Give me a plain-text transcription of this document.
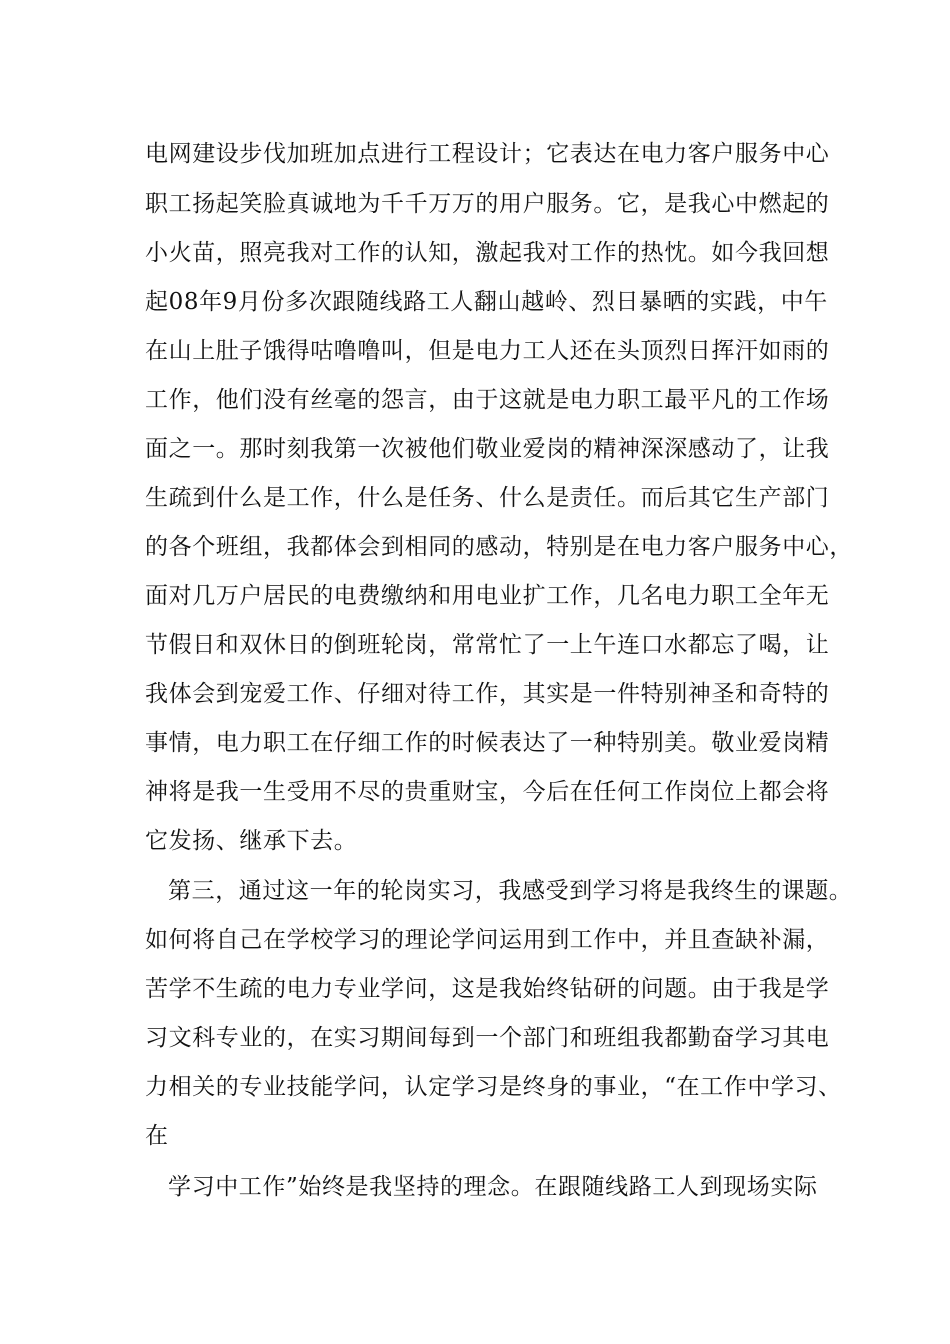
电网建设步伐加班加点进行工程设计；它表达在电力客户服务中心
职工扬起笑脸真诚地为千千万万的用户服务。它，是我心中燃起的
小火苗，照亮我对工作的认知，激起我对工作的热忱。如今我回想
起08年9月份多次跟随线路工人翻山越岭、烈日暴晒的实践，中午
在山上肚子饿得咕噜噜叫，但是电力工人还在头顶烈日挥汗如雨的
工作，他们没有丝毫的怨言，由于这就是电力职工最平凡的工作场
面之一。那时刻我第一次被他们敬业爱岗的精神深深感动了，让我
生疏到什么是工作，什么是任务、什么是责任。而后其它生产部门
的各个班组，我都体会到相同的感动，特别是在电力客户服务中心，
面对几万户居民的电费缴纳和用电业扩工作，几名电力职工全年无
节假日和双休日的倒班轮岗，常常忙了一上午连口水都忘了喝，让
我体会到宠爱工作、仔细对待工作，其实是一件特别神圣和奇特的
事情，电力职工在仔细工作的时候表达了一种特别美。敬业爱岗精
神将是我一生受用不尽的贵重财宝，今后在任何工作岗位上都会将
它发扬、继承下去。
第三，通过这一年的轮岗实习，我感受到学习将是我终生的课题。
如何将自己在学校学习的理论学问运用到工作中，并且查缺补漏，
苦学不生疏的电力专业学问，这是我始终钻研的问题。由于我是学
习文科专业的，在实习期间每到一个部门和班组我都勤奋学习其电
力相关的专业技能学问，认定学习是终身的事业，“在工作中学习、
在
学习中工作”始终是我坚持的理念。在跟随线路工人到现场实际
